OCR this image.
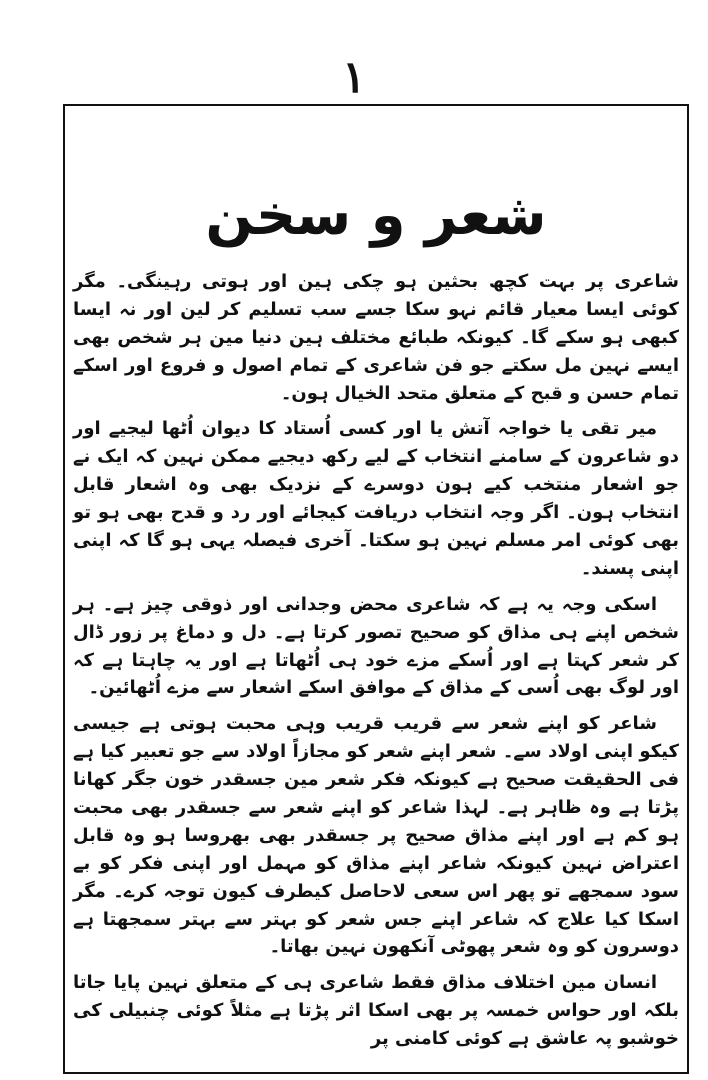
۱
شعر و سخن

شاعری پر بہت کچھ بحثین ہو چکی ہین اور ہوتی رہینگی۔ مگر کوئی ایسا معیار قائم نہو سکا جسے سب تسلیم کر لین اور نہ ایسا کبھی ہو سکے گا۔ کیونکہ طبائع مختلف ہین دنیا مین ہر شخص بھی ایسے نہین مل سکتے جو فن شاعری کے تمام اصول و فروع اور اسکے تمام حسن و قبح کے متعلق متحد الخیال ہون۔

میر تقی یا خواجہ آتش یا اور کسی اُستاد کا دیوان اُٹھا لیجیے اور دو شاعرون کے سامنے انتخاب کے لیے رکھ دیجیے ممکن نہین کہ ایک نے جو اشعار منتخب کیے ہون دوسرے کے نزدیک بھی وہ اشعار قابل انتخاب ہون۔ اگر وجہ انتخاب دریافت کیجائے اور رد و قدح بھی ہو تو بھی کوئی امر مسلم نہین ہو سکتا۔ آخری فیصلہ یہی ہو گا کہ اپنی اپنی پسند۔

اسکی وجہ یہ ہے کہ شاعری محض وجدانی اور ذوقی چیز ہے۔ ہر شخص اپنے ہی مذاق کو صحیح تصور کرتا ہے۔ دل و دماغ پر زور ڈال کر شعر کہتا ہے اور اُسکے مزے خود ہی اُٹھاتا ہے اور یہ چاہتا ہے کہ اور لوگ بھی اُسی کے مذاق کے موافق اسکے اشعار سے مزے اُٹھائین۔

شاعر کو اپنے شعر سے قریب قریب وہی محبت ہوتی ہے جیسی کیکو اپنی اولاد سے۔ شعر اپنے شعر کو مجازاً اولاد سے جو تعبیر کیا ہے فی الحقیقت صحیح ہے کیونکہ فکر شعر مین جسقدر خون جگر کھانا پڑتا ہے وہ ظاہر ہے۔ لہذا شاعر کو اپنے شعر سے جسقدر بھی محبت ہو کم ہے اور اپنے مذاق صحیح پر جسقدر بھی بھروسا ہو وہ قابل اعتراض نہین کیونکہ شاعر اپنے مذاق کو مہمل اور اپنی فکر کو بے سود سمجھے تو پھر اس سعی لاحاصل کیطرف کیون توجہ کرے۔ مگر اسکا کیا علاج کہ شاعر اپنے جس شعر کو بہتر سے بہتر سمجھتا ہے دوسرون کو وہ شعر پھوٹی آنکھون نہین بھاتا۔

انسان مین اختلاف مذاق فقط شاعری ہی کے متعلق نہین پایا جاتا بلکہ اور حواس خمسہ پر بھی اسکا اثر پڑتا ہے مثلاً کوئی چنبیلی کی خوشبو پہ عاشق ہے کوئی کامنی پر
